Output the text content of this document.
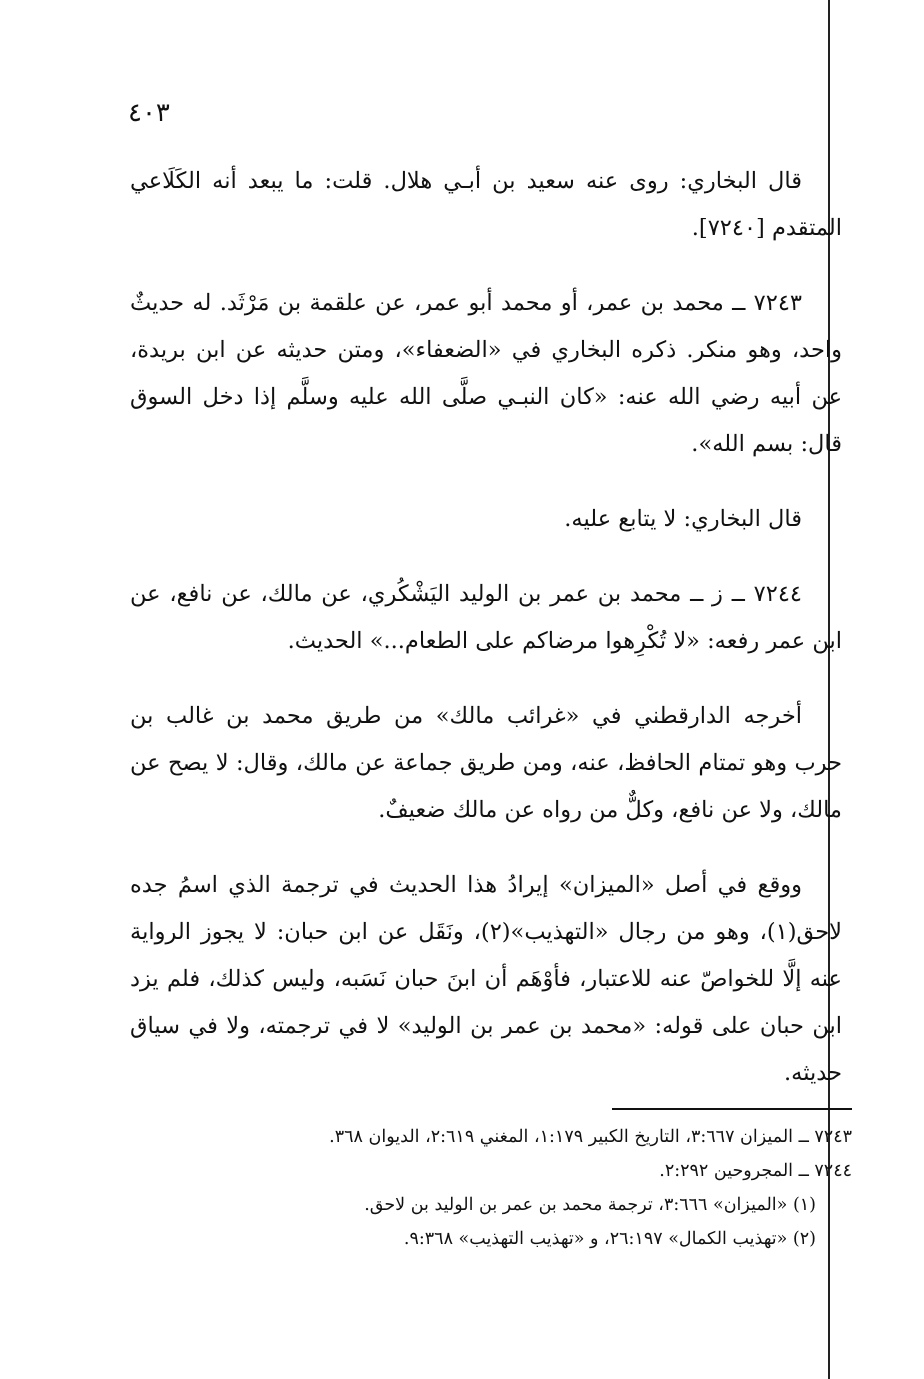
٤٠٣

قال البخاري: روى عنه سعيد بن أبـي هلال. قلت: ما يبعد أنه الكَلَاعي المتقدم [٧٢٤٠].

٧٢٤٣ ــ محمد بن عمر، أو محمد أبو عمر، عن علقمة بن مَرْثَد. له حديثٌ واحد، وهو منكر. ذكره البخاري في «الضعفاء»، ومتن حديثه عن ابن بريدة، عن أبيه رضي الله عنه: «كان النبـي صلَّى الله عليه وسلَّم إذا دخل السوق قال: بسم الله».

قال البخاري: لا يتابع عليه.

٧٢٤٤ ــ ز ــ محمد بن عمر بن الوليد اليَشْكُري، عن مالك، عن نافع، عن ابن عمر رفعه: «لا تُكْرِهوا مرضاكم على الطعام...» الحديث.

أخرجه الدارقطني في «غرائب مالك» من طريق محمد بن غالب بن حرب وهو تمتام الحافظ، عنه، ومن طريق جماعة عن مالك، وقال: لا يصح عن مالك، ولا عن نافع، وكلٌّ من رواه عن مالك ضعيفٌ.

ووقع في أصل «الميزان» إيرادُ هذا الحديث في ترجمة الذي اسمُ جده لاحق(١)، وهو من رجال «التهذيب»(٢)، ونَقَل عن ابن حبان: لا يجوز الرواية عنه إلَّا للخواصّ عنه للاعتبار، فأوْهَم أن ابنَ حبان نَسَبه، وليس كذلك، فلم يزد ابن حبان على قوله: «محمد بن عمر بن الوليد» لا في ترجمته، ولا في سياق حديثه.

٧٢٤٣ ــ الميزان ٣:٦٦٧، التاريخ الكبير ١:١٧٩، المغني ٢:٦١٩، الديوان ٣٦٨.
٧٢٤٤ ــ المجروحين ٢:٢٩٢.
(١) «الميزان» ٣:٦٦٦، ترجمة محمد بن عمر بن الوليد بن لاحق.
(٢) «تهذيب الكمال» ٢٦:١٩٧، و «تهذيب التهذيب» ٩:٣٦٨.
